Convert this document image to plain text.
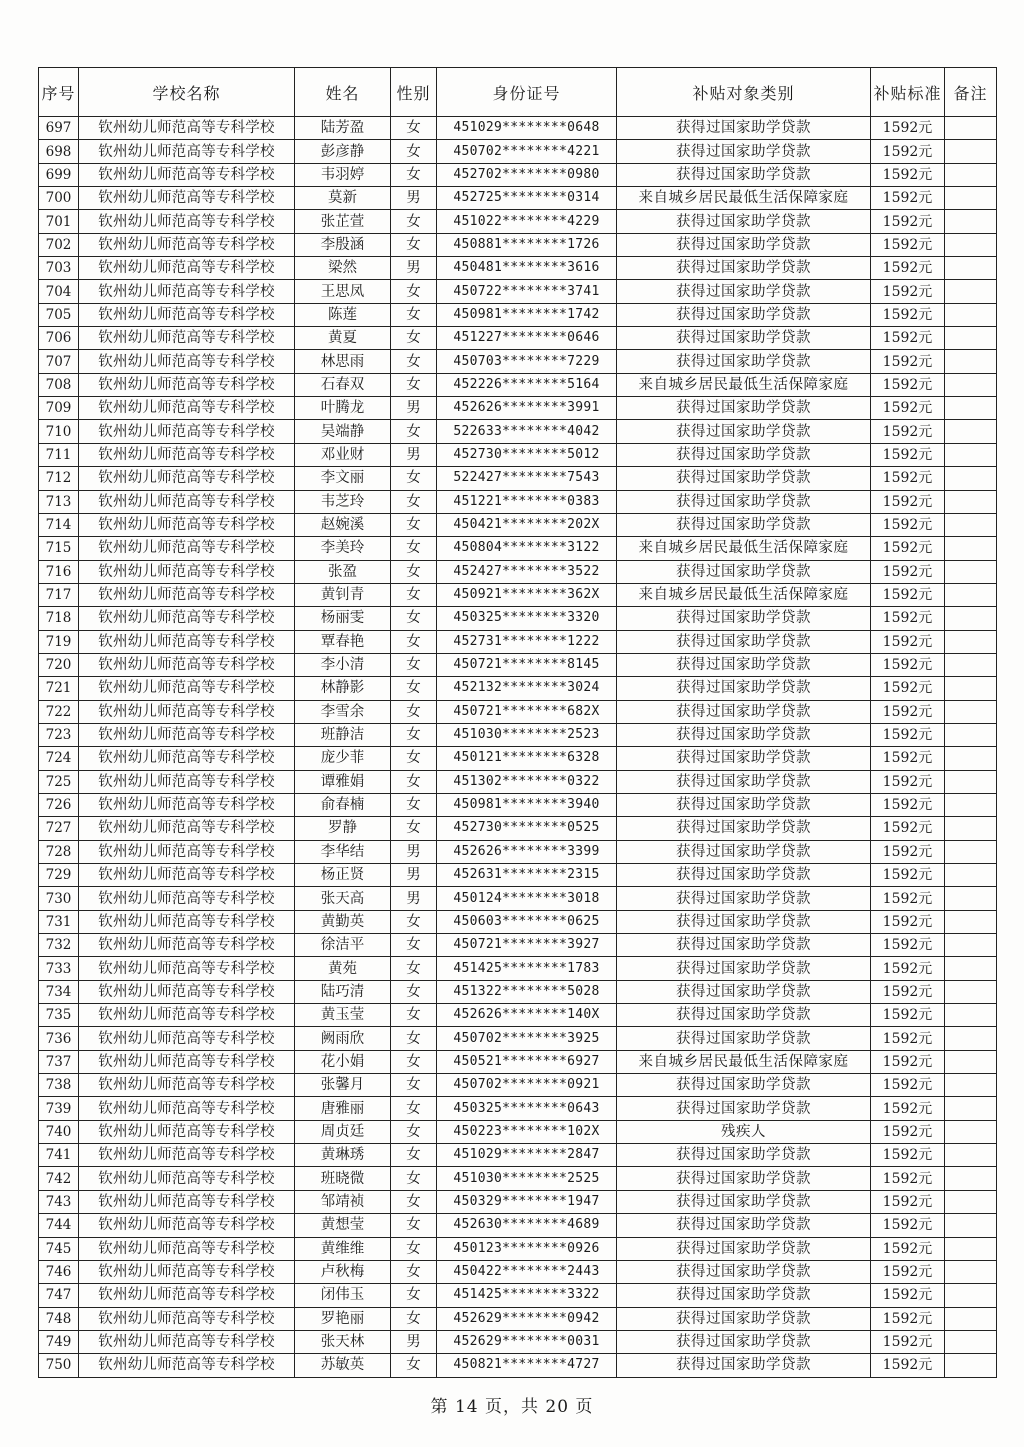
序号	学校名称	姓名	性别	身份证号	补贴对象类别	补贴标准	备注
697	钦州幼儿师范高等专科学校	陆芳盈	女	451029********0648	获得过国家助学贷款	1592元	
698	钦州幼儿师范高等专科学校	彭彦静	女	450702********4221	获得过国家助学贷款	1592元	
699	钦州幼儿师范高等专科学校	韦羽婷	女	452702********0980	获得过国家助学贷款	1592元	
700	钦州幼儿师范高等专科学校	莫新	男	452725********0314	来自城乡居民最低生活保障家庭	1592元	
701	钦州幼儿师范高等专科学校	张芷萱	女	451022********4229	获得过国家助学贷款	1592元	
702	钦州幼儿师范高等专科学校	李殷涵	女	450881********1726	获得过国家助学贷款	1592元	
703	钦州幼儿师范高等专科学校	梁然	男	450481********3616	获得过国家助学贷款	1592元	
704	钦州幼儿师范高等专科学校	王思凤	女	450722********3741	获得过国家助学贷款	1592元	
705	钦州幼儿师范高等专科学校	陈莲	女	450981********1742	获得过国家助学贷款	1592元	
706	钦州幼儿师范高等专科学校	黄夏	女	451227********0646	获得过国家助学贷款	1592元	
707	钦州幼儿师范高等专科学校	林思雨	女	450703********7229	获得过国家助学贷款	1592元	
708	钦州幼儿师范高等专科学校	石春双	女	452226********5164	来自城乡居民最低生活保障家庭	1592元	
709	钦州幼儿师范高等专科学校	叶腾龙	男	452626********3991	获得过国家助学贷款	1592元	
710	钦州幼儿师范高等专科学校	吴端静	女	522633********4042	获得过国家助学贷款	1592元	
711	钦州幼儿师范高等专科学校	邓业财	男	452730********5012	获得过国家助学贷款	1592元	
712	钦州幼儿师范高等专科学校	李文丽	女	522427********7543	获得过国家助学贷款	1592元	
713	钦州幼儿师范高等专科学校	韦芝玲	女	451221********0383	获得过国家助学贷款	1592元	
714	钦州幼儿师范高等专科学校	赵婉溪	女	450421********202X	获得过国家助学贷款	1592元	
715	钦州幼儿师范高等专科学校	李美玲	女	450804********3122	来自城乡居民最低生活保障家庭	1592元	
716	钦州幼儿师范高等专科学校	张盈	女	452427********3522	获得过国家助学贷款	1592元	
717	钦州幼儿师范高等专科学校	黄钊青	女	450921********362X	来自城乡居民最低生活保障家庭	1592元	
718	钦州幼儿师范高等专科学校	杨丽雯	女	450325********3320	获得过国家助学贷款	1592元	
719	钦州幼儿师范高等专科学校	覃春艳	女	452731********1222	获得过国家助学贷款	1592元	
720	钦州幼儿师范高等专科学校	李小清	女	450721********8145	获得过国家助学贷款	1592元	
721	钦州幼儿师范高等专科学校	林静影	女	452132********3024	获得过国家助学贷款	1592元	
722	钦州幼儿师范高等专科学校	李雪余	女	450721********682X	获得过国家助学贷款	1592元	
723	钦州幼儿师范高等专科学校	班静洁	女	451030********2523	获得过国家助学贷款	1592元	
724	钦州幼儿师范高等专科学校	庞少菲	女	450121********6328	获得过国家助学贷款	1592元	
725	钦州幼儿师范高等专科学校	谭雅娟	女	451302********0322	获得过国家助学贷款	1592元	
726	钦州幼儿师范高等专科学校	俞春楠	女	450981********3940	获得过国家助学贷款	1592元	
727	钦州幼儿师范高等专科学校	罗静	女	452730********0525	获得过国家助学贷款	1592元	
728	钦州幼儿师范高等专科学校	李华结	男	452626********3399	获得过国家助学贷款	1592元	
729	钦州幼儿师范高等专科学校	杨正贤	男	452631********2315	获得过国家助学贷款	1592元	
730	钦州幼儿师范高等专科学校	张天高	男	450124********3018	获得过国家助学贷款	1592元	
731	钦州幼儿师范高等专科学校	黄勤英	女	450603********0625	获得过国家助学贷款	1592元	
732	钦州幼儿师范高等专科学校	徐洁平	女	450721********3927	获得过国家助学贷款	1592元	
733	钦州幼儿师范高等专科学校	黄苑	女	451425********1783	获得过国家助学贷款	1592元	
734	钦州幼儿师范高等专科学校	陆巧清	女	451322********5028	获得过国家助学贷款	1592元	
735	钦州幼儿师范高等专科学校	黄玉莹	女	452626********140X	获得过国家助学贷款	1592元	
736	钦州幼儿师范高等专科学校	阙雨欣	女	450702********3925	获得过国家助学贷款	1592元	
737	钦州幼儿师范高等专科学校	花小娟	女	450521********6927	来自城乡居民最低生活保障家庭	1592元	
738	钦州幼儿师范高等专科学校	张馨月	女	450702********0921	获得过国家助学贷款	1592元	
739	钦州幼儿师范高等专科学校	唐雅丽	女	450325********0643	获得过国家助学贷款	1592元	
740	钦州幼儿师范高等专科学校	周贞廷	女	450223********102X	残疾人	1592元	
741	钦州幼儿师范高等专科学校	黄琳琇	女	451029********2847	获得过国家助学贷款	1592元	
742	钦州幼儿师范高等专科学校	班晓微	女	451030********2525	获得过国家助学贷款	1592元	
743	钦州幼儿师范高等专科学校	邹靖祯	女	450329********1947	获得过国家助学贷款	1592元	
744	钦州幼儿师范高等专科学校	黄想莹	女	452630********4689	获得过国家助学贷款	1592元	
745	钦州幼儿师范高等专科学校	黄维维	女	450123********0926	获得过国家助学贷款	1592元	
746	钦州幼儿师范高等专科学校	卢秋梅	女	450422********2443	获得过国家助学贷款	1592元	
747	钦州幼儿师范高等专科学校	闭伟玉	女	451425********3322	获得过国家助学贷款	1592元	
748	钦州幼儿师范高等专科学校	罗艳丽	女	452629********0942	获得过国家助学贷款	1592元	
749	钦州幼儿师范高等专科学校	张天林	男	452629********0031	获得过国家助学贷款	1592元	
750	钦州幼儿师范高等专科学校	苏敏英	女	450821********4727	获得过国家助学贷款	1592元	
第 14 页，共 20 页
